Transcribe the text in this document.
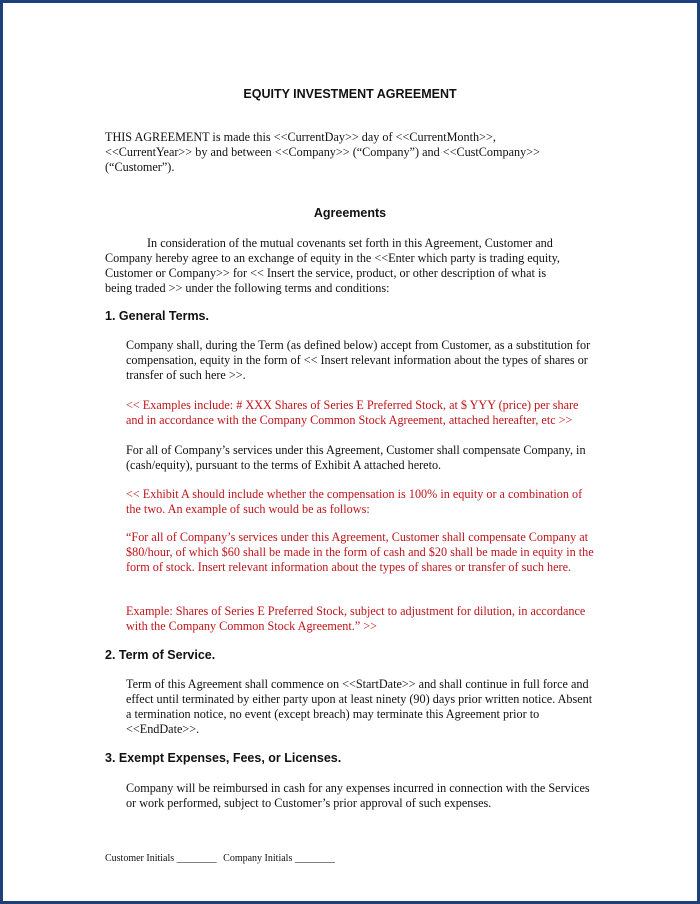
EQUITY INVESTMENT AGREEMENT
THIS AGREEMENT is made this <<CurrentDay>> day of <<CurrentMonth>>, <<CurrentYear>> by and between <<Company>> (“Company”) and <<CustCompany>> (“Customer”).
Agreements
In consideration of the mutual covenants set forth in this Agreement, Customer and Company hereby agree to an exchange of equity in the <<Enter which party is trading equity, Customer or Company>> for << Insert the service, product, or other description of what is being traded >> under the following terms and conditions:
1. General Terms.
Company shall, during the Term (as defined below) accept from Customer, as a substitution for compensation, equity in the form of << Insert relevant information about the types of shares or transfer of such here >>.
<< Examples include: # XXX Shares of Series E Preferred Stock, at $ YYY (price) per share and in accordance with the Company Common Stock Agreement, attached hereafter, etc >>
For all of Company’s services under this Agreement, Customer shall compensate Company, in (cash/equity), pursuant to the terms of Exhibit A attached hereto.
<< Exhibit A should include whether the compensation is 100% in equity or a combination of the two. An example of such would be as follows:
“For all of Company’s services under this Agreement, Customer shall compensate Company at $80/hour, of which $60 shall be made in the form of cash and $20 shall be made in equity in the form of stock. Insert relevant information about the types of shares or transfer of such here.
Example: Shares of Series E Preferred Stock, subject to adjustment for dilution, in accordance with the Company Common Stock Agreement.” >>
2. Term of Service.
Term of this Agreement shall commence on <<StartDate>> and shall continue in full force and effect until terminated by either party upon at least ninety (90) days prior written notice. Absent a termination notice, no event (except breach) may terminate this Agreement prior to <<EndDate>>.
3. Exempt Expenses, Fees, or Licenses.
Company will be reimbursed in cash for any expenses incurred in connection with the Services or work performed, subject to Customer’s prior approval of such expenses.
Customer Initials ________ Company Initials ________
